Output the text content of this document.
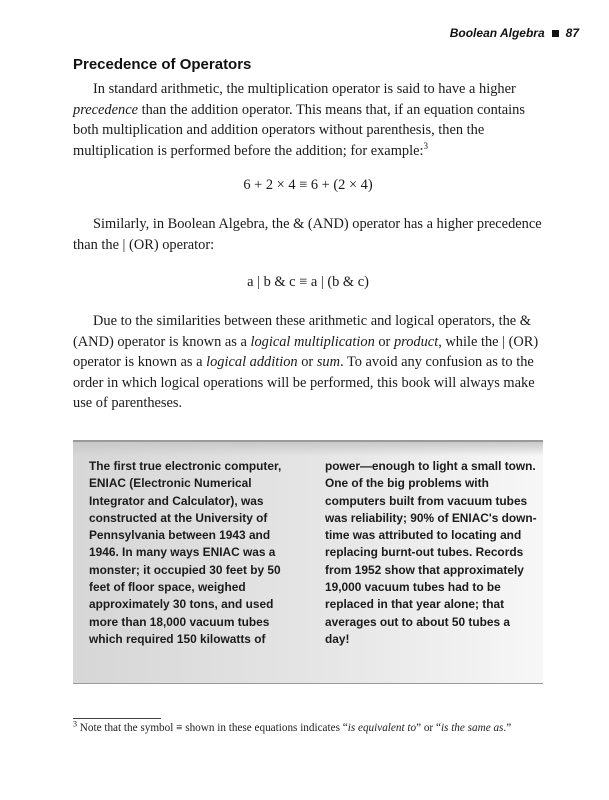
Boolean Algebra 87
Precedence of Operators

In standard arithmetic, the multiplication operator is said to have a higher precedence than the addition operator. This means that, if an equation contains both multiplication and addition operators without parenthesis, then the multiplication is performed before the addition; for example:$^3$

6 + 2 × 4 ≡ 6 + (2 × 4)

Similarly, in Boolean Algebra, the & (AND) operator has a higher precedence than the | (OR) operator:

a | b & c ≡ a | (b & c)

Due to the similarities between these arithmetic and logical operators, the & (AND) operator is known as a logical multiplication or product, while the | (OR) operator is known as a logical addition or sum. To avoid any confusion as to the order in which logical operations will be performed, this book will always make use of parentheses.

The first true electronic computer, ENIAC (Electronic Numerical Integrator and Calculator), was constructed at the University of Pennsylvania between 1943 and 1946. In many ways ENIAC was a monster; it occupied 30 feet by 50 feet of floor space, weighed approximately 30 tons, and used more than 18,000 vacuum tubes which required 150 kilowatts of

power—enough to light a small town. One of the big problems with computers built from vacuum tubes was reliability; 90% of ENIAC's down-time was attributed to locating and replacing burnt-out tubes. Records from 1952 show that approximately 19,000 vacuum tubes had to be replaced in that year alone; that averages out to about 50 tubes a day!

$^3$ Note that the symbol ≡ shown in these equations indicates “is equivalent to” or “is the same as.”
